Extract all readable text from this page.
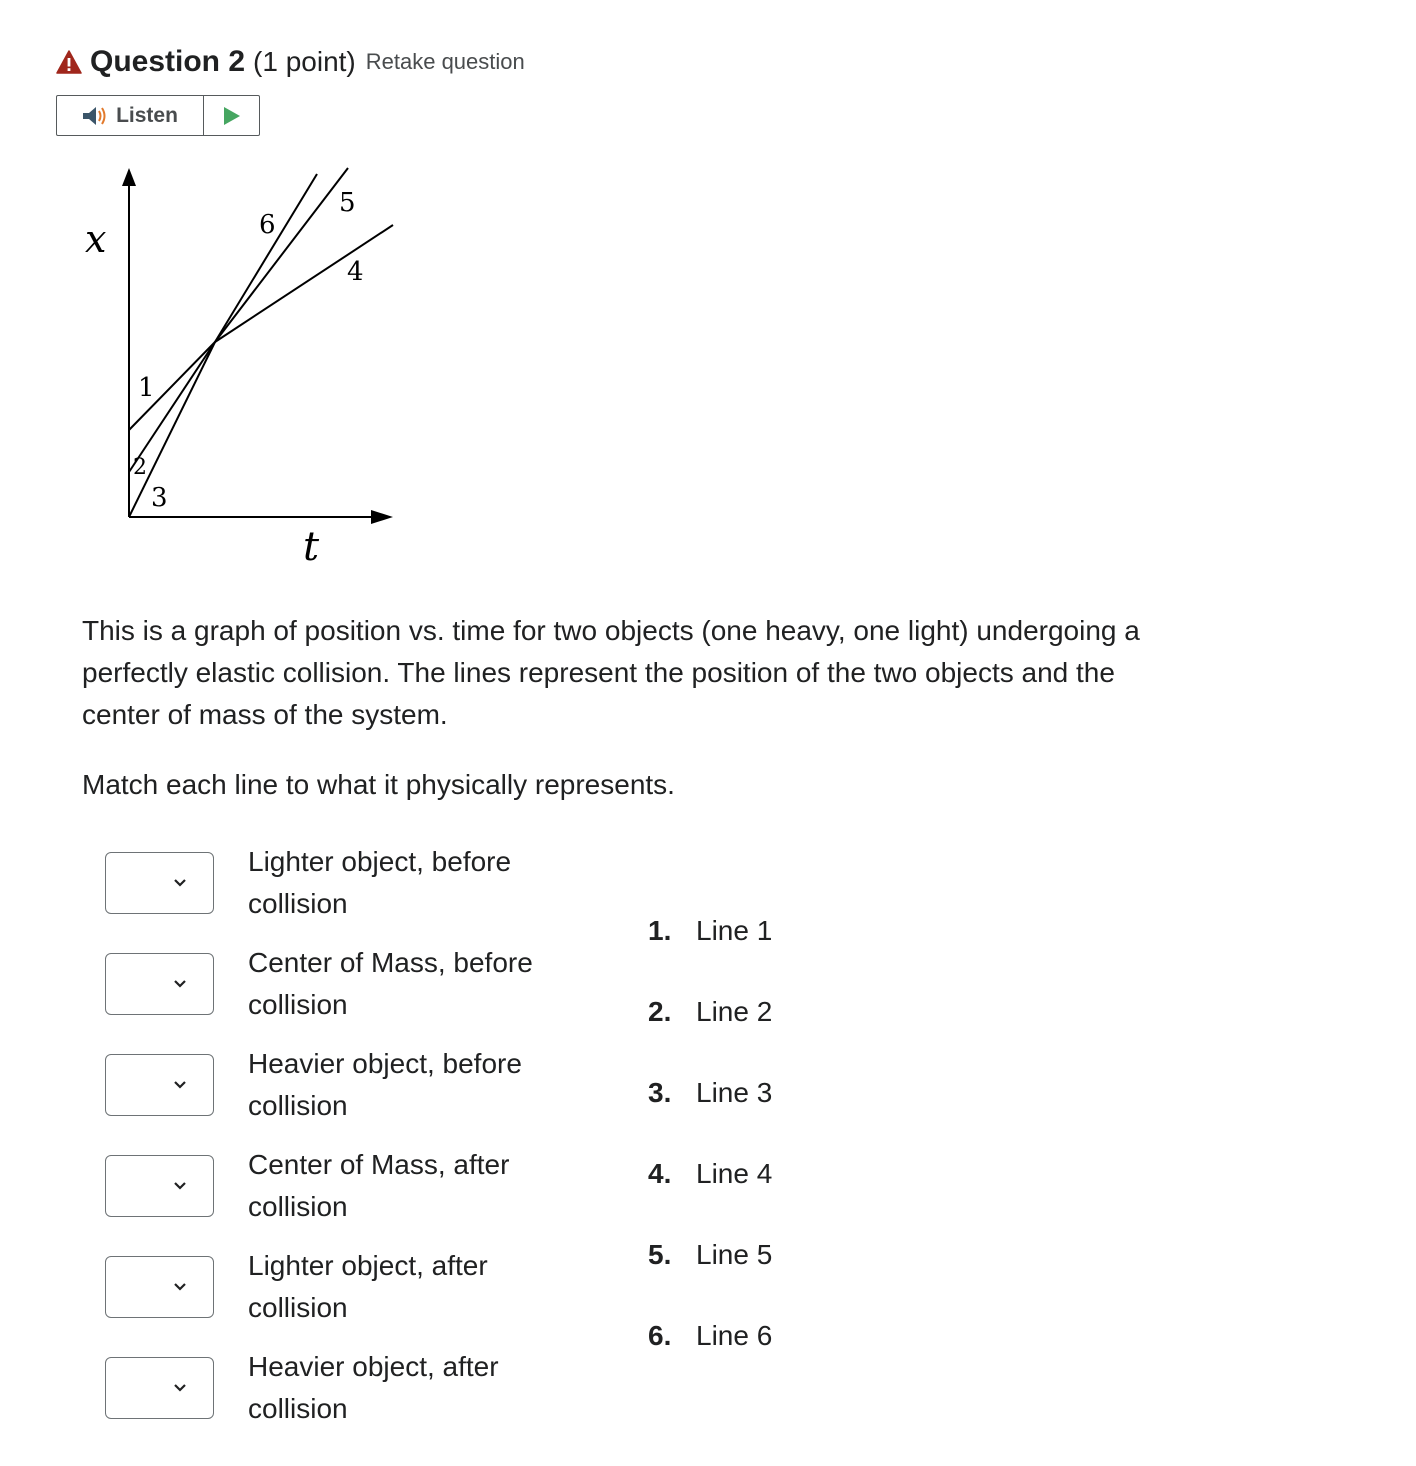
Question 2 (1 point) Retake question
Listen
x
t
1
2
3
4
5
6
This is a graph of position vs. time for two objects (one heavy, one light) undergoing a perfectly elastic collision. The lines represent the position of the two objects and the center of mass of the system.
Match each line to what it physically represents.
Lighter object, before collision
Center of Mass, before collision
Heavier object, before collision
Center of Mass, after collision
Lighter object, after collision
Heavier object, after collision
1. Line 1
2. Line 2
3. Line 3
4. Line 4
5. Line 5
6. Line 6
